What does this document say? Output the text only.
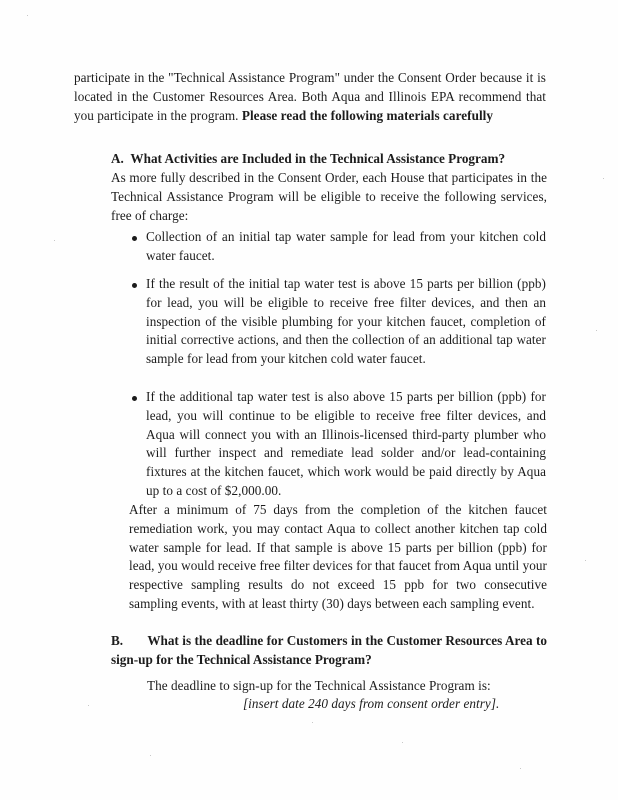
participate in the "Technical Assistance Program" under the Consent Order because it is located in the Customer Resources Area. Both Aqua and Illinois EPA recommend that you participate in the program. Please read the following materials carefully

A. What Activities are Included in the Technical Assistance Program?

As more fully described in the Consent Order, each House that participates in the Technical Assistance Program will be eligible to receive the following services, free of charge:

Collection of an initial tap water sample for lead from your kitchen cold water faucet.

If the result of the initial tap water test is above 15 parts per billion (ppb) for lead, you will be eligible to receive free filter devices, and then an inspection of the visible plumbing for your kitchen faucet, completion of initial corrective actions, and then the collection of an additional tap water sample for lead from your kitchen cold water faucet.

If the additional tap water test is also above 15 parts per billion (ppb) for lead, you will continue to be eligible to receive free filter devices, and Aqua will connect you with an Illinois-licensed third-party plumber who will further inspect and remediate lead solder and/or lead-containing fixtures at the kitchen faucet, which work would be paid directly by Aqua up to a cost of $2,000.00.

After a minimum of 75 days from the completion of the kitchen faucet remediation work, you may contact Aqua to collect another kitchen tap cold water sample for lead. If that sample is above 15 parts per billion (ppb) for lead, you would receive free filter devices for that faucet from Aqua until your respective sampling results do not exceed 15 ppb for two consecutive sampling events, with at least thirty (30) days between each sampling event.

B. What is the deadline for Customers in the Customer Resources Area to sign-up for the Technical Assistance Program?

The deadline to sign-up for the Technical Assistance Program is:

[insert date 240 days from consent order entry].
